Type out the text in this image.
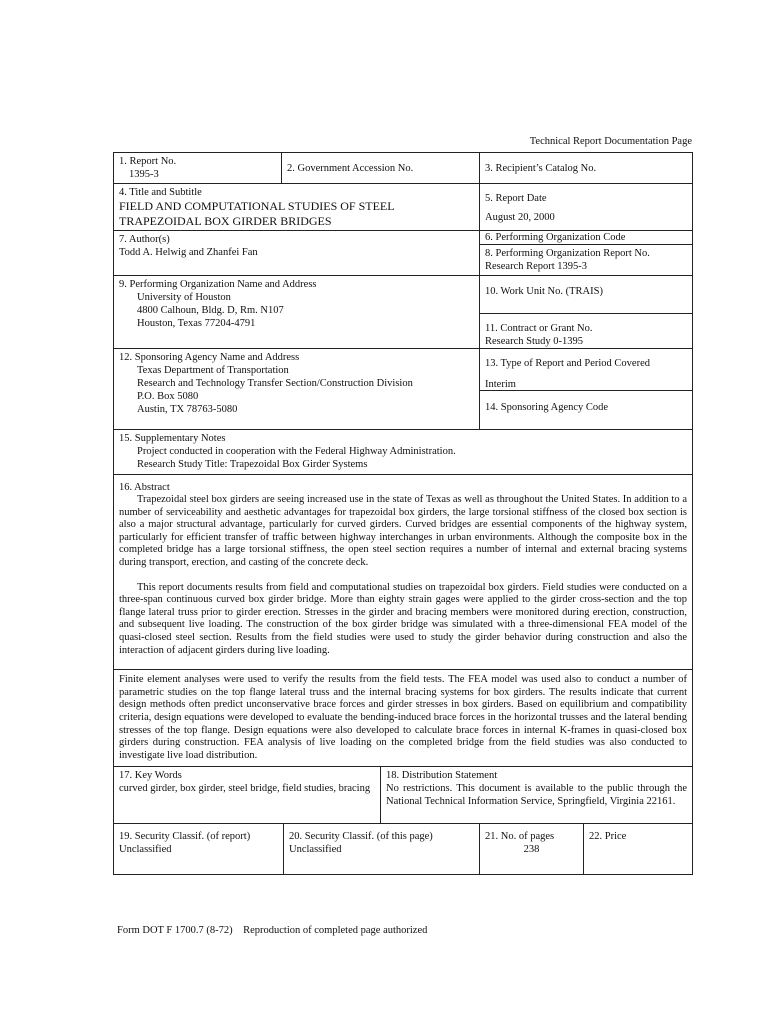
Technical Report Documentation Page
1. Report No.
1395-3
2. Government Accession No.	3. Recipient’s Catalog No.
4. Title and Subtitle
FIELD AND COMPUTATIONAL STUDIES OF STEEL
TRAPEZOIDAL BOX GIRDER BRIDGES
7. Author(s)
Todd A. Helwig and Zhanfei Fan
5. Report Date
August 20, 2000
6. Performing Organization Code
8. Performing Organization Report No.
Research Report 1395-3
9. Performing Organization Name and Address
University of Houston
4800 Calhoun, Bldg. D, Rm. N107
Houston, Texas 77204-4791
10. Work Unit No. (TRAIS)
11. Contract or Grant No.
Research Study 0-1395
12. Sponsoring Agency Name and Address
Texas Department of Transportation
Research and Technology Transfer Section/Construction Division
P.O. Box 5080
Austin, TX 78763-5080
13. Type of Report and Period Covered
Interim
14. Sponsoring Agency Code
15. Supplementary Notes
Project conducted in cooperation with the Federal Highway Administration.
Research Study Title: Trapezoidal Box Girder Systems
16. Abstract

Trapezoidal steel box girders are seeing increased use in the state of Texas as well as throughout the United States. In addition to a number of serviceability and aesthetic advantages for trapezoidal box girders, the large torsional stiffness of the closed box section is also a major structural advantage, particularly for curved girders. Curved bridges are essential components of the highway system, particularly for efficient transfer of traffic between highway interchanges in urban environments. Although the composite box in the completed bridge has a large torsional stiffness, the open steel section requires a number of internal and external bracing systems during transport, erection, and casting of the concrete deck.

This report documents results from field and computational studies on trapezoidal box girders. Field studies were conducted on a three-span continuous curved box girder bridge. More than eighty strain gages were applied to the girder cross-section and the top flange lateral truss prior to girder erection. Stresses in the girder and bracing members were monitored during erection, construction, and subsequent live loading. The construction of the box girder bridge was simulated with a three-dimensional FEA model of the quasi-closed steel section. Results from the field studies were used to study the girder behavior during construction and also the interaction of adjacent girders during live loading.

Finite element analyses were used to verify the results from the field tests. The FEA model was used also to conduct a number of parametric studies on the top flange lateral truss and the internal bracing systems for box girders. The results indicate that current design methods often predict unconservative brace forces and girder stresses in box girders. Based on equilibrium and compatibility criteria, design equations were developed to evaluate the bending-induced brace forces in the horizontal trusses and the lateral bending stresses of the top flange. Design equations were also developed to calculate brace forces in internal K-frames in quasi-closed box girders during construction. FEA analysis of live loading on the completed bridge from the field studies was also conducted to investigate live load distribution.

17. Key Words
curved girder, box girder, steel bridge, field studies, bracing
18. Distribution Statement
No restrictions. This document is available to the public through the National Technical Information Service, Springfield, Virginia 22161.
19. Security Classif. (of report)
Unclassified
20. Security Classif. (of this page)
Unclassified
21. No. of pages
238
22. Price
Form DOT F 1700.7 (8-72) Reproduction of completed page authorized
